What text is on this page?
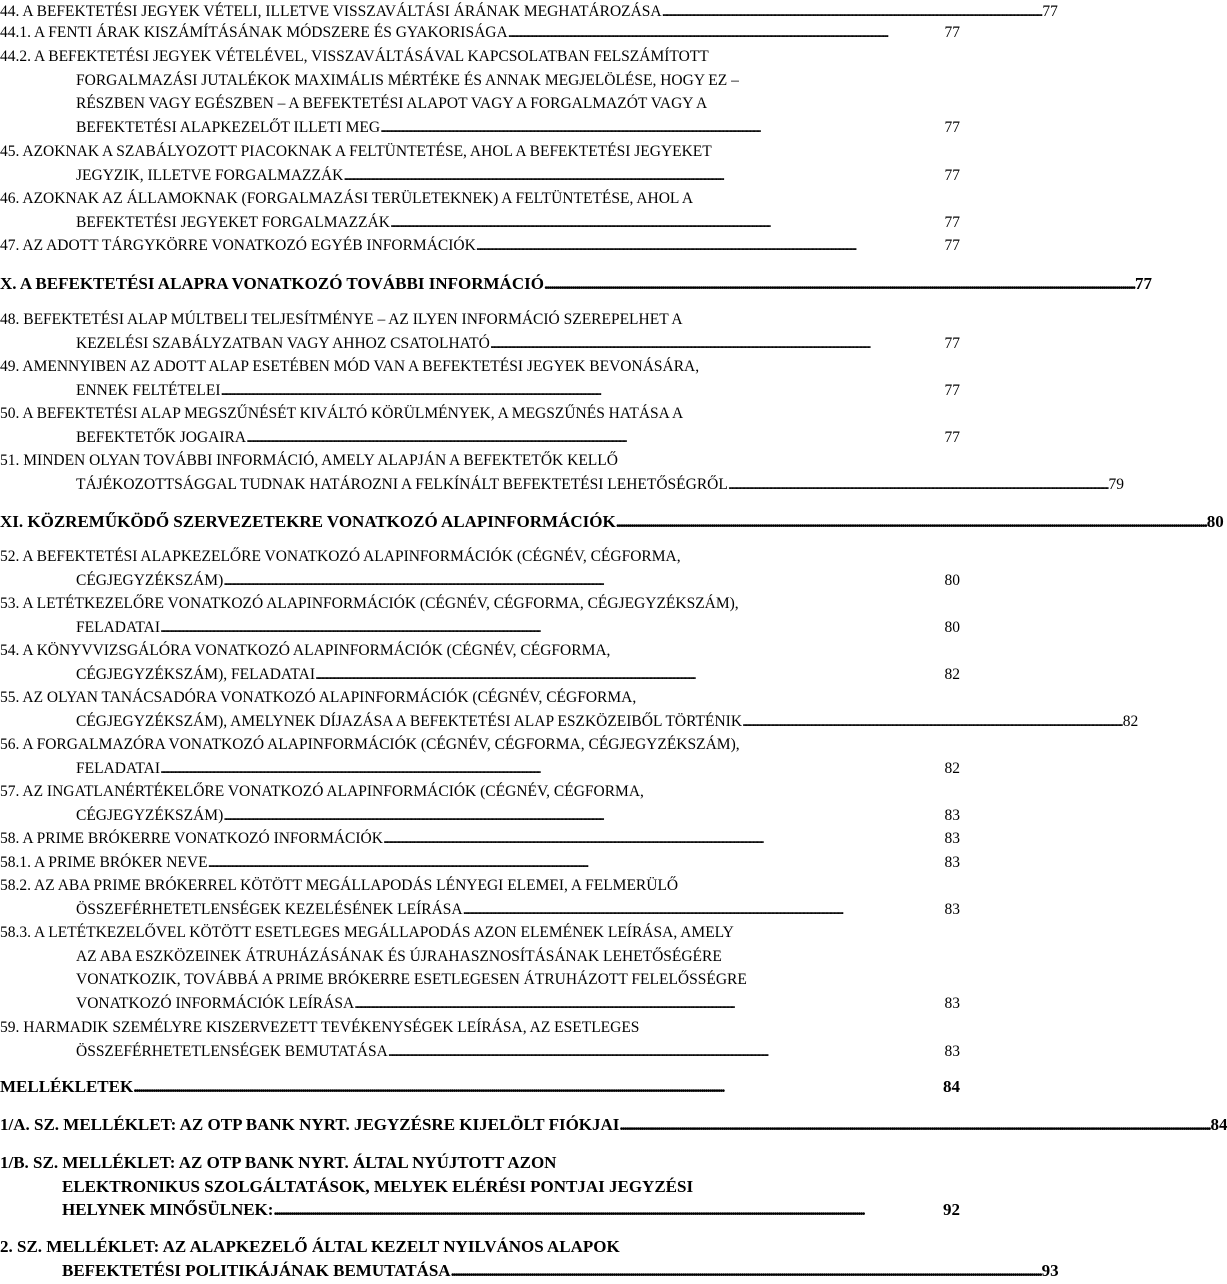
44. A BEFEKTETÉSI JEGYEK VÉTELI, ILLETVE VISSZAVÁLTÁSI ÁRÁNAK MEGHATÁROZÁSA . . .	77
44.1. A FENTI ÁRAK KISZÁMÍTÁSÁNAK MÓDSZERE ÉS GYAKORISÁGA . . .	77
44.2. A BEFEKTETÉSI JEGYEK VÉTELÉVEL, VISSZAVÁLTÁSÁVAL KAPCSOLATBAN FELSZÁMÍTOTT
FORGALMAZÁSI JUTALÉKOK MAXIMÁLIS MÉRTÉKE ÉS ANNAK MEGJELÖLÉSE, HOGY EZ –
RÉSZBEN VAGY EGÉSZBEN – A BEFEKTETÉSI ALAPOT VAGY A FORGALMAZÓT VAGY A
BEFEKTETÉSI ALAPKEZELŐT ILLETI MEG . . .	77
45. AZOKNAK A SZABÁLYOZOTT PIACOKNAK A FELTÜNTETÉSE, AHOL A BEFEKTETÉSI JEGYEKET
JEGYZIK, ILLETVE FORGALMAZZÁK . . .	77
46. AZOKNAK AZ ÁLLAMOKNAK (FORGALMAZÁSI TERÜLETEKNEK) A FELTÜNTETÉSE, AHOL A
BEFEKTETÉSI JEGYEKET FORGALMAZZÁK . . .	77
47. AZ ADOTT TÁRGYKÖRRE VONATKOZÓ EGYÉB INFORMÁCIÓK . . .	77
X. A BEFEKTETÉSI ALAPRA VONATKOZÓ TOVÁBBI INFORMÁCIÓ . . .	77
48. BEFEKTETÉSI ALAP MÚLTBELI TELJESÍTMÉNYE – AZ ILYEN INFORMÁCIÓ SZEREPELHET A
KEZELÉSI SZABÁLYZATBAN VAGY AHHOZ CSATOLHATÓ . . .	77
49. AMENNYIBEN AZ ADOTT ALAP ESETÉBEN MÓD VAN A BEFEKTETÉSI JEGYEK BEVONÁSÁRA,
ENNEK FELTÉTELEI . . .	77
50. A BEFEKTETÉSI ALAP MEGSZŰNÉSÉT KIVÁLTÓ KÖRÜLMÉNYEK, A MEGSZŰNÉS HATÁSA A
BEFEKTETŐK JOGAIRA . . .	77
51. MINDEN OLYAN TOVÁBBI INFORMÁCIÓ, AMELY ALAPJÁN A BEFEKTETŐK KELLŐ
TÁJÉKOZOTTSÁGGAL TUDNAK HATÁROZNI A FELKÍNÁLT BEFEKTETÉSI LEHETŐSÉGRŐL . . .	79
XI. KÖZREMŰKÖDŐ SZERVEZETEKRE VONATKOZÓ ALAPINFORMÁCIÓK . . .	80
52. A BEFEKTETÉSI ALAPKEZELŐRE VONATKOZÓ ALAPINFORMÁCIÓK (CÉGNÉV, CÉGFORMA,
CÉGJEGYZÉKSZÁM) . . .	80
53. A LETÉTKEZELŐRE VONATKOZÓ ALAPINFORMÁCIÓK (CÉGNÉV, CÉGFORMA, CÉGJEGYZÉKSZÁM),
FELADATAI . . .	80
54. A KÖNYVVIZSGÁLÓRA VONATKOZÓ ALAPINFORMÁCIÓK (CÉGNÉV, CÉGFORMA,
CÉGJEGYZÉKSZÁM), FELADATAI . . .	82
55. AZ OLYAN TANÁCSADÓRA VONATKOZÓ ALAPINFORMÁCIÓK (CÉGNÉV, CÉGFORMA,
CÉGJEGYZÉKSZÁM), AMELYNEK DÍJAZÁSA A BEFEKTETÉSI ALAP ESZKÖZEIBŐL TÖRTÉNIK . . .	82
56. A FORGALMAZÓRA VONATKOZÓ ALAPINFORMÁCIÓK (CÉGNÉV, CÉGFORMA, CÉGJEGYZÉKSZÁM),
FELADATAI . . .	82
57. AZ INGATLANÉRTÉKELŐRE VONATKOZÓ ALAPINFORMÁCIÓK (CÉGNÉV, CÉGFORMA,
CÉGJEGYZÉKSZÁM) . . .	83
58. A PRIME BRÓKERRE VONATKOZÓ INFORMÁCIÓK . . .	83
58.1. A PRIME BRÓKER NEVE . . .	83
58.2. AZ ABA PRIME BRÓKERREL KÖTÖTT MEGÁLLAPODÁS LÉNYEGI ELEMEI, A FELMERÜLŐ
ÖSSZEFÉRHETETLENSÉGEK KEZELÉSÉNEK LEÍRÁSA . . .	83
58.3. A LETÉTKEZELŐVEL KÖTÖTT ESETLEGES MEGÁLLAPODÁS AZON ELEMÉNEK LEÍRÁSA, AMELY
AZ ABA ESZKÖZEINEK ÁTRUHÁZÁSÁNAK ÉS ÚJRAHASZNOSÍTÁSÁNAK LEHETŐSÉGÉRE
VONATKOZIK, TOVÁBBÁ A PRIME BRÓKERRE ESETLEGESEN ÁTRUHÁZOTT FELELŐSSÉGRE
VONATKOZÓ INFORMÁCIÓK LEÍRÁSA . . .	83
59. HARMADIK SZEMÉLYRE KISZERVEZETT TEVÉKENYSÉGEK LEÍRÁSA, AZ ESETLEGES
ÖSSZEFÉRHETETLENSÉGEK BEMUTATÁSA . . .	83
MELLÉKLETEK . . .	84
1/A. SZ. MELLÉKLET: AZ OTP BANK NYRT. JEGYZÉSRE KIJELÖLT FIÓKJAI . . .	84
1/B. SZ. MELLÉKLET: AZ OTP BANK NYRT. ÁLTAL NYÚJTOTT AZON
ELEKTRONIKUS SZOLGÁLTATÁSOK, MELYEK ELÉRÉSI PONTJAI JEGYZÉSI
HELYNEK MINŐSÜLNEK: . . .	92
2. SZ. MELLÉKLET: AZ ALAPKEZELŐ ÁLTAL KEZELT NYILVÁNOS ALAPOK
BEFEKTETÉSI POLITIKÁJÁNAK BEMUTATÁSA . . .	93
